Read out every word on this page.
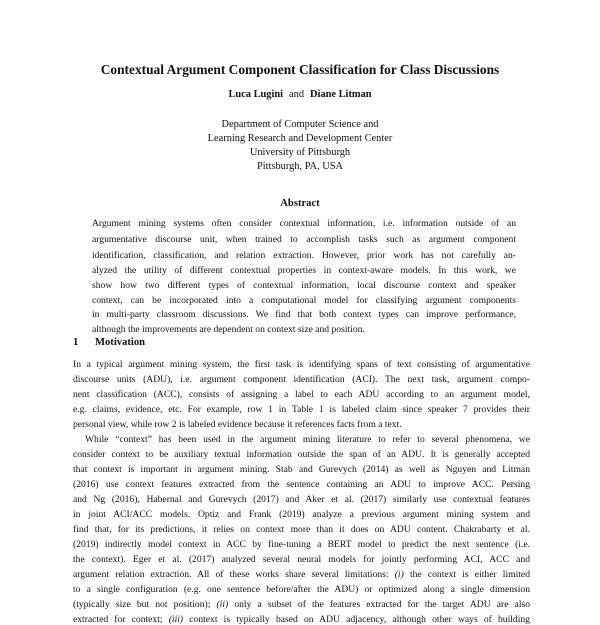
Contextual Argument Component Classification for Class Discussions
Luca Lugini and Diane Litman
Department of Computer Science and
Learning Research and Development Center
University of Pittsburgh
Pittsburgh, PA, USA
Abstract
Argument mining systems often consider contextual information, i.e. information outside of an
argumentative discourse unit, when trained to accomplish tasks such as argument component
identification, classification, and relation extraction. However, prior work has not carefully an-
alyzed the utility of different contextual properties in context-aware models. In this work, we
show how two different types of contextual information, local discourse context and speaker
context, can be incorporated into a computational model for classifying argument components
in multi-party classroom discussions. We find that both context types can improve performance,
although the improvements are dependent on context size and position.
1 Motivation
In a typical argument mining system, the first task is identifying spans of text consisting of argumentative
discourse units (ADU), i.e. argument component identification (ACI). The next task, argument compo-
nent classification (ACC), consists of assigning a label to each ADU according to an argument model,
e.g. claims, evidence, etc. For example, row 1 in Table 1 is labeled claim since speaker 7 provides their
personal view, while row 2 is labeled evidence because it references facts from a text.
While “context” has been used in the argument mining literature to refer to several phenomena, we
consider context to be auxiliary textual information outside the span of an ADU. It is generally accepted
that context is important in argument mining. Stab and Gurevych (2014) as well as Nguyen and Litman
(2016) use context features extracted from the sentence containing an ADU to improve ACC. Persing
and Ng (2016), Habernal and Gurevych (2017) and Aker et al. (2017) similarly use contextual features
in joint ACI/ACC models. Optiz and Frank (2019) analyze a previous argument mining system and
find that, for its predictions, it relies on context more than it does on ADU content. Chakrabarty et al.
(2019) indirectly model context in ACC by fine-tuning a BERT model to predict the next sentence (i.e.
the context). Eger et al. (2017) analyzed several neural models for jointly performing ACI, ACC and
argument relation extraction. All of these works share several limitations: (i) the context is either limited
to a single configuration (e.g. one sentence before/after the ADU) or optimized along a single dimension
(typically size but not position); (ii) only a subset of the features extracted for the target ADU are also
extracted for context; (iii) context is typically based on ADU adjacency, although other ways of building
